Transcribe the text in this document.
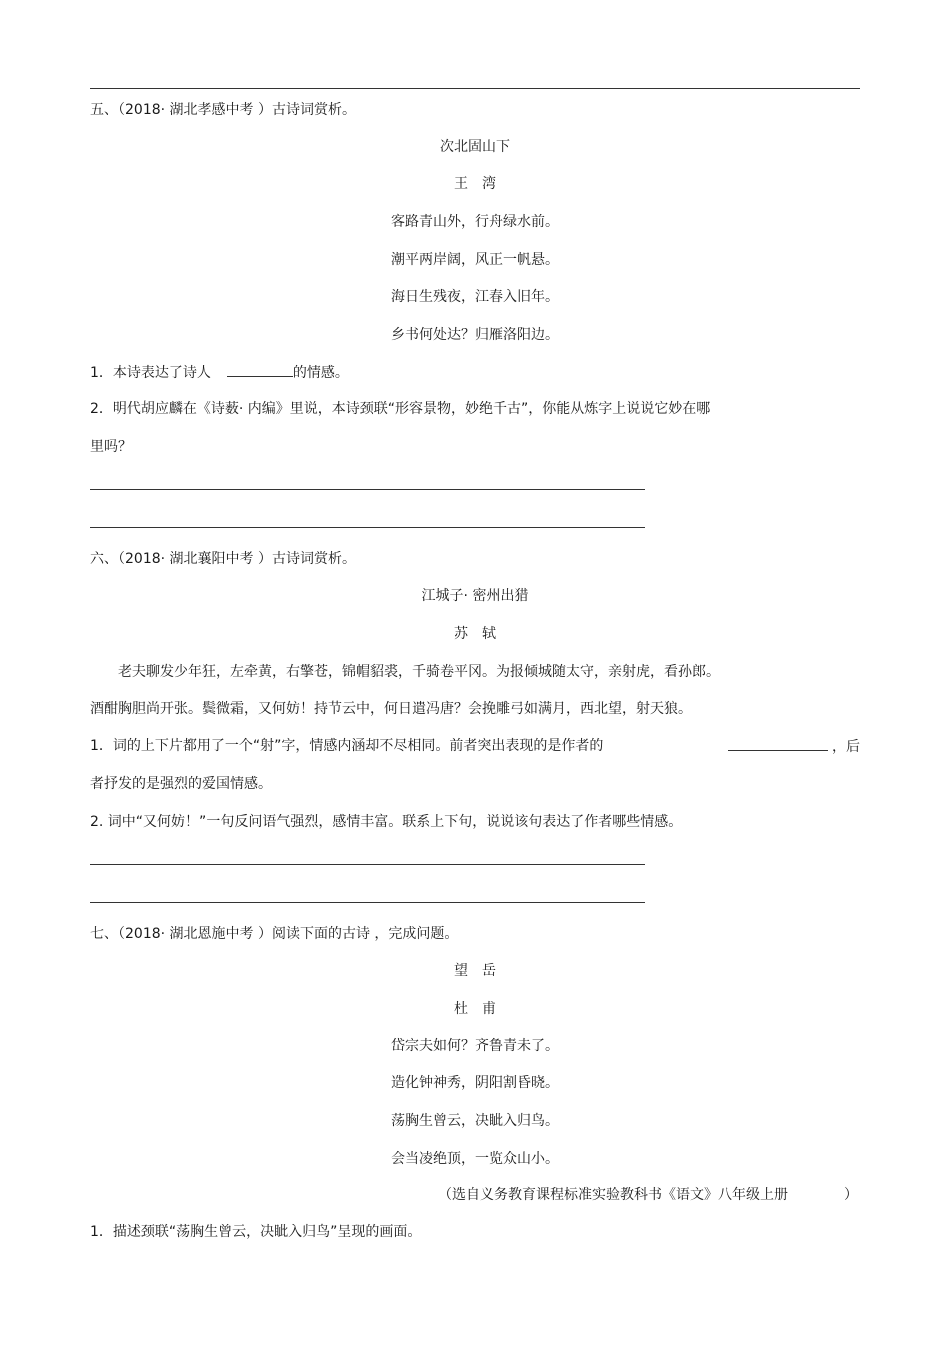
五、（2018· 湖北孝感中考 ）古诗词赏析。
次北固山下
王　湾
客路青山外，行舟绿水前。
潮平两岸阔，风正一帆悬。
海日生残夜，江春入旧年。
乡书何处达？归雁洛阳边。
1．本诗表达了诗人	的情感。
2．明代胡应麟在《诗薮· 内编》里说，本诗颈联“形容景物，妙绝千古”，你能从炼字上说说它妙在哪
里吗？
六、（2018· 湖北襄阳中考 ）古诗词赏析。
江城子· 密州出猎
苏　轼
老夫聊发少年狂，左牵黄，右擎苍，锦帽貂裘，千骑卷平冈。为报倾城随太守，亲射虎，看孙郎。
酒酣胸胆尚开张。鬓微霜，又何妨！持节云中，何日遣冯唐？会挽雕弓如满月，西北望，射天狼。
1．词的上下片都用了一个“射”字，情感内涵却不尽相同。前者突出表现的是作者的	，后
者抒发的是强烈的爱国情感。
2. 词中“又何妨！”一句反问语气强烈，感情丰富。联系上下句，说说该句表达了作者哪些情感。
七、（2018· 湖北恩施中考 ）阅读下面的古诗 ，完成问题。
望　岳
杜　甫
岱宗夫如何？齐鲁青未了。
造化钟神秀，阴阳割昏晓。
荡胸生曾云，决眦入归鸟。
会当凌绝顶，一览众山小。
（选自义务教育课程标准实验教科书《语文》八年级上册	）
1．描述颈联“荡胸生曾云，决眦入归鸟”呈现的画面。
